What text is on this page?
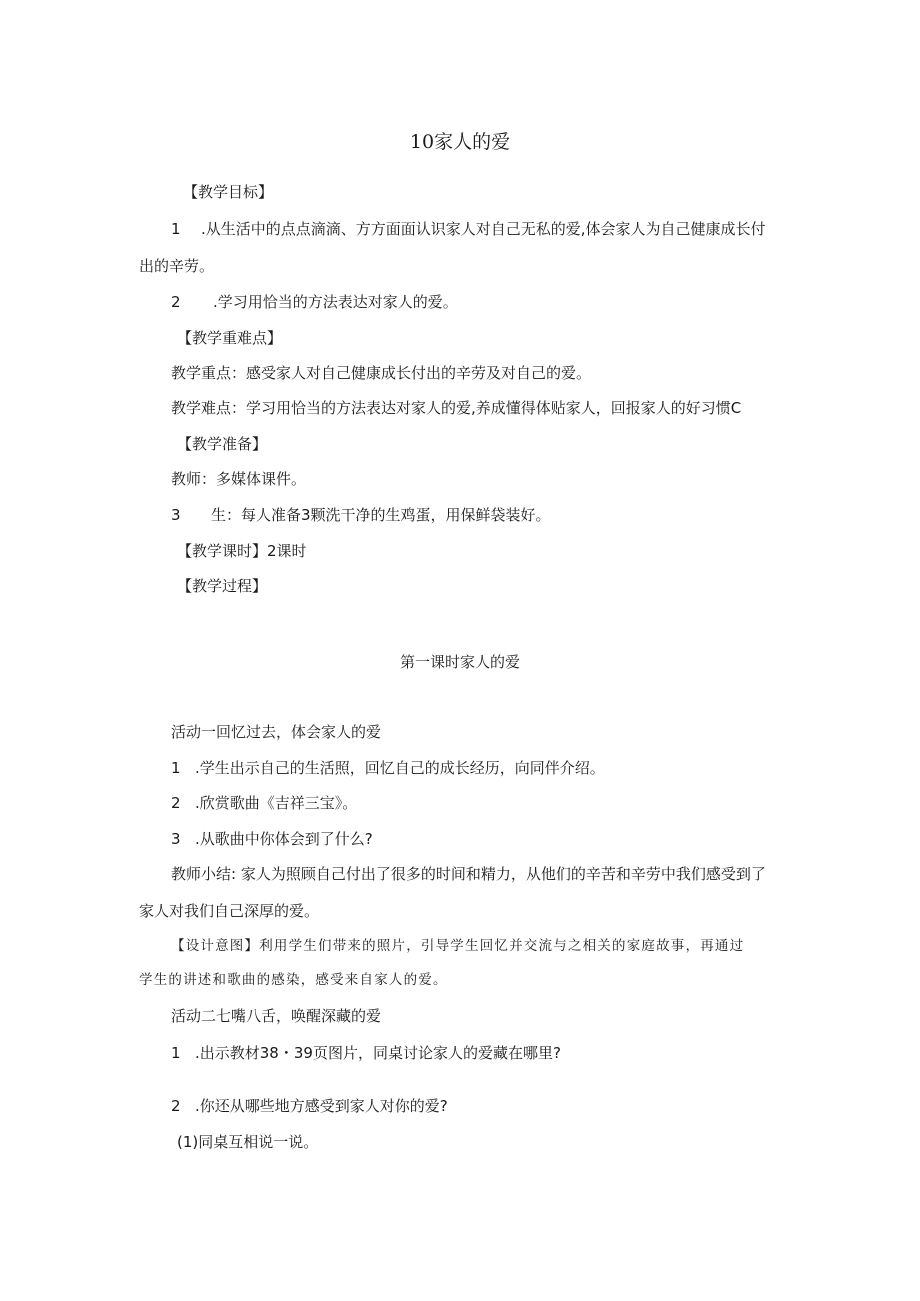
10家人的爱

【教学目标】

1 .从生活中的点点滴滴、方方面面认识家人对自己无私的爱,体会家人为自己健康成长付

出的辛劳。

2 .学习用恰当的方法表达对家人的爱。

【教学重难点】

教学重点：感受家人对自己健康成长付出的辛劳及对自己的爱。

教学难点：学习用恰当的方法表达对家人的爱,养成懂得体贴家人，回报家人的好习惯C

【教学准备】

教师：多媒体课件。

3 生：每人准备3颗洗干净的生鸡蛋，用保鲜袋装好。

【教学课时】2课时

【教学过程】

第一课时家人的爱

活动一回忆过去，体会家人的爱

1 .学生出示自己的生活照，回忆自己的成长经历，向同伴介绍。

2 .欣赏歌曲《吉祥三宝》。

3 .从歌曲中你体会到了什么?

教师小结: 家人为照顾自己付出了很多的时间和精力，从他们的辛苦和辛劳中我们感受到了

家人对我们自己深厚的爱。

【设计意图】利用学生们带来的照片，引导学生回忆并交流与之相关的家庭故事，再通过

学生的讲述和歌曲的感染，感受来自家人的爱。

活动二七嘴八舌，唤醒深藏的爱

1 .出示教材38・39页图片，同桌讨论家人的爱藏在哪里?

2 .你还从哪些地方感受到家人对你的爱?

(1)同桌互相说一说。
